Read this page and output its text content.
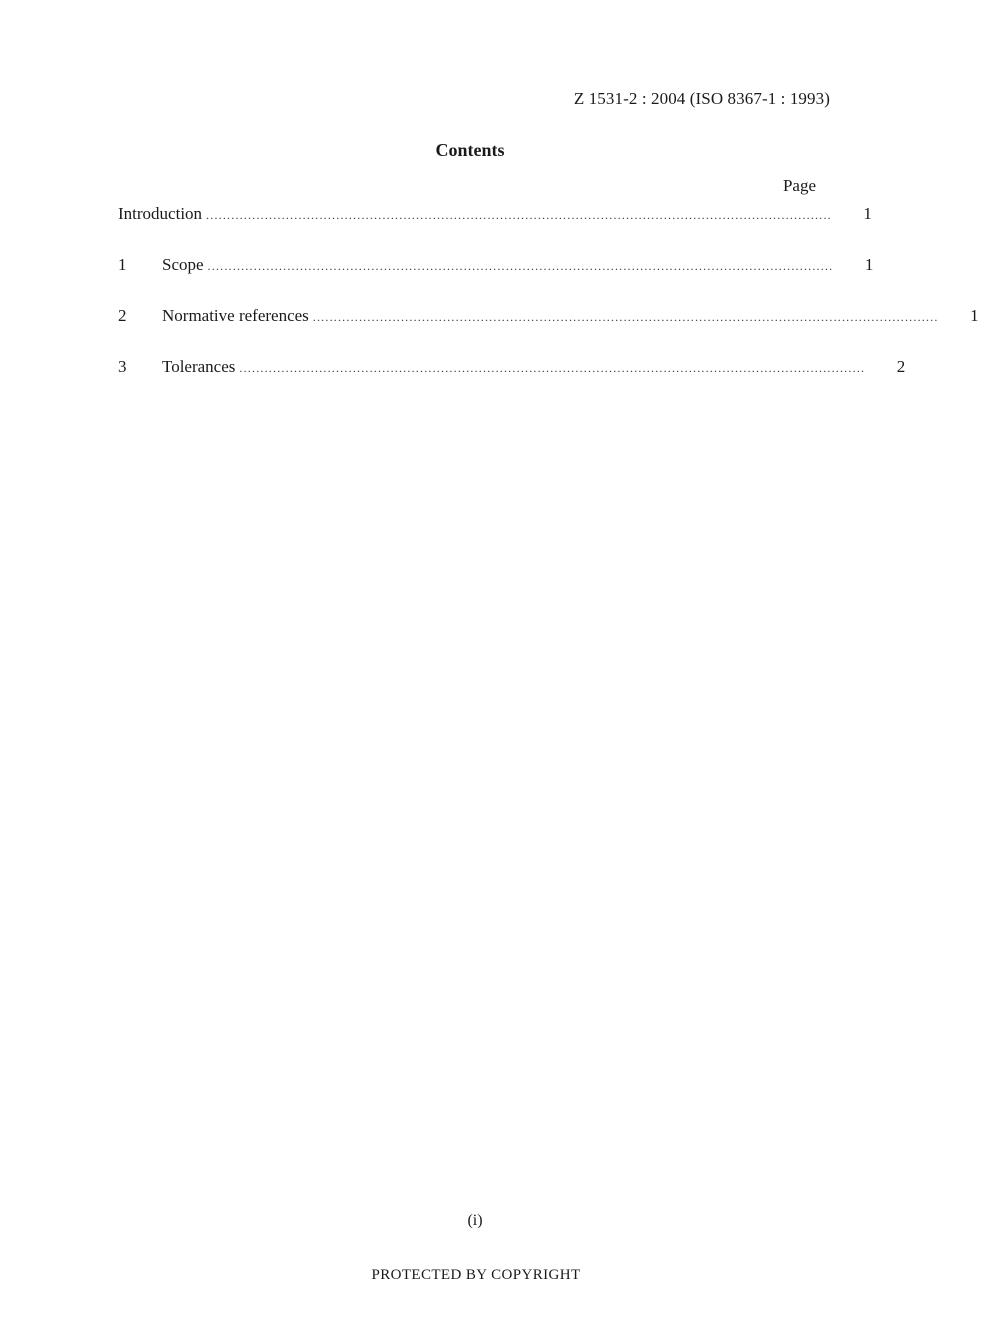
Z 1531-2 : 2004 (ISO 8367-1 : 1993)
Contents
Page
Introduction .....................................................................................................................................................	1
1	Scope .....................................................................................................................................................	1
2	Normative references .....................................................................................................................................................	1
3	Tolerances .....................................................................................................................................................	2
(i)
PROTECTED BY COPYRIGHT
